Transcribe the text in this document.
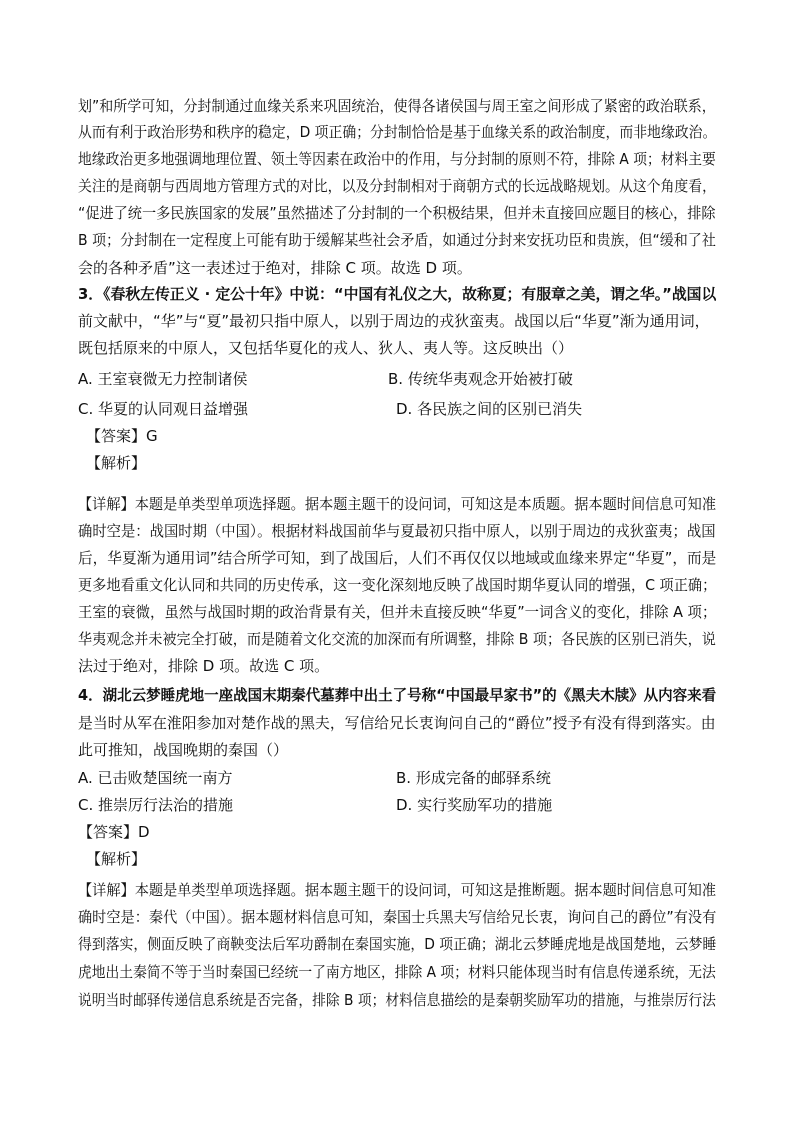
划”和所学可知，分封制通过血缘关系来巩固统治，使得各诸侯国与周王室之间形成了紧密的政治联系，
从而有利于政治形势和秩序的稳定，D 项正确；分封制恰恰是基于血缘关系的政治制度，而非地缘政治。
地缘政治更多地强调地理位置、领土等因素在政治中的作用，与分封制的原则不符，排除 A 项；材料主要
关注的是商朝与西周地方管理方式的对比，以及分封制相对于商朝方式的长远战略规划。从这个角度看，
“促进了统一多民族国家的发展”虽然描述了分封制的一个积极结果，但并未直接回应题目的核心，排除
B 项；分封制在一定程度上可能有助于缓解某些社会矛盾，如通过分封来安抚功臣和贵族，但“缓和了社
会的各种矛盾”这一表述过于绝对，排除 C 项。故选 D 项。
3．《春秋左传正义 · 定公十年》中说：“中国有礼仪之大，故称夏；有服章之美，谓之华。”战国以
前文献中，“华”与“夏”最初只指中原人，以别于周边的戎狄蛮夷。战国以后“华夏”渐为通用词，
既包括原来的中原人，又包括华夏化的戎人、狄人、夷人等。这反映出（）
A. 王室衰微无力控制诸侯	B. 传统华夷观念开始被打破
C. 华夏的认同观日益增强	D. 各民族之间的区别已消失
【答案】G
【解析】
【详解】本题是单类型单项选择题。据本题主题干的设问词，可知这是本质题。据本题时间信息可知准
确时空是：战国时期（中国）。根据材料战国前华与夏最初只指中原人，以别于周边的戎狄蛮夷；战国
后，华夏渐为通用词”结合所学可知，到了战国后，人们不再仅仅以地域或血缘来界定“华夏”，而是
更多地看重文化认同和共同的历史传承，这一变化深刻地反映了战国时期华夏认同的增强，C 项正确；
王室的衰微，虽然与战国时期的政治背景有关，但并未直接反映“华夏”一词含义的变化，排除 A 项；
华夷观念并未被完全打破，而是随着文化交流的加深而有所调整，排除 B 项；各民族的区别已消失，说
法过于绝对，排除 D 项。故选 C 项。
4．湖北云梦睡虎地一座战国末期秦代墓葬中出土了号称“中国最早家书”的《黑夫木牍》从内容来看
是当时从军在淮阳参加对楚作战的黑夫，写信给兄长衷询问自己的“爵位”授予有没有得到落实。由
此可推知，战国晚期的秦国（）
A. 已击败楚国统一南方	B. 形成完备的邮驿系统
C. 推崇厉行法治的措施	D. 实行奖励军功的措施
【答案】D
【解析】
【详解】本题是单类型单项选择题。据本题主题干的设问词，可知这是推断题。据本题时间信息可知准
确时空是：秦代（中国）。据本题材料信息可知，秦国士兵黑夫写信给兄长衷，询问自己的爵位”有没有
得到落实，侧面反映了商鞅变法后军功爵制在秦国实施，D 项正确；湖北云梦睡虎地是战国楚地，云梦睡
虎地出土秦简不等于当时秦国已经统一了南方地区，排除 A 项；材料只能体现当时有信息传递系统，无法
说明当时邮驿传递信息系统是否完备，排除 B 项；材料信息描绘的是秦朝奖励军功的措施，与推崇厉行法
